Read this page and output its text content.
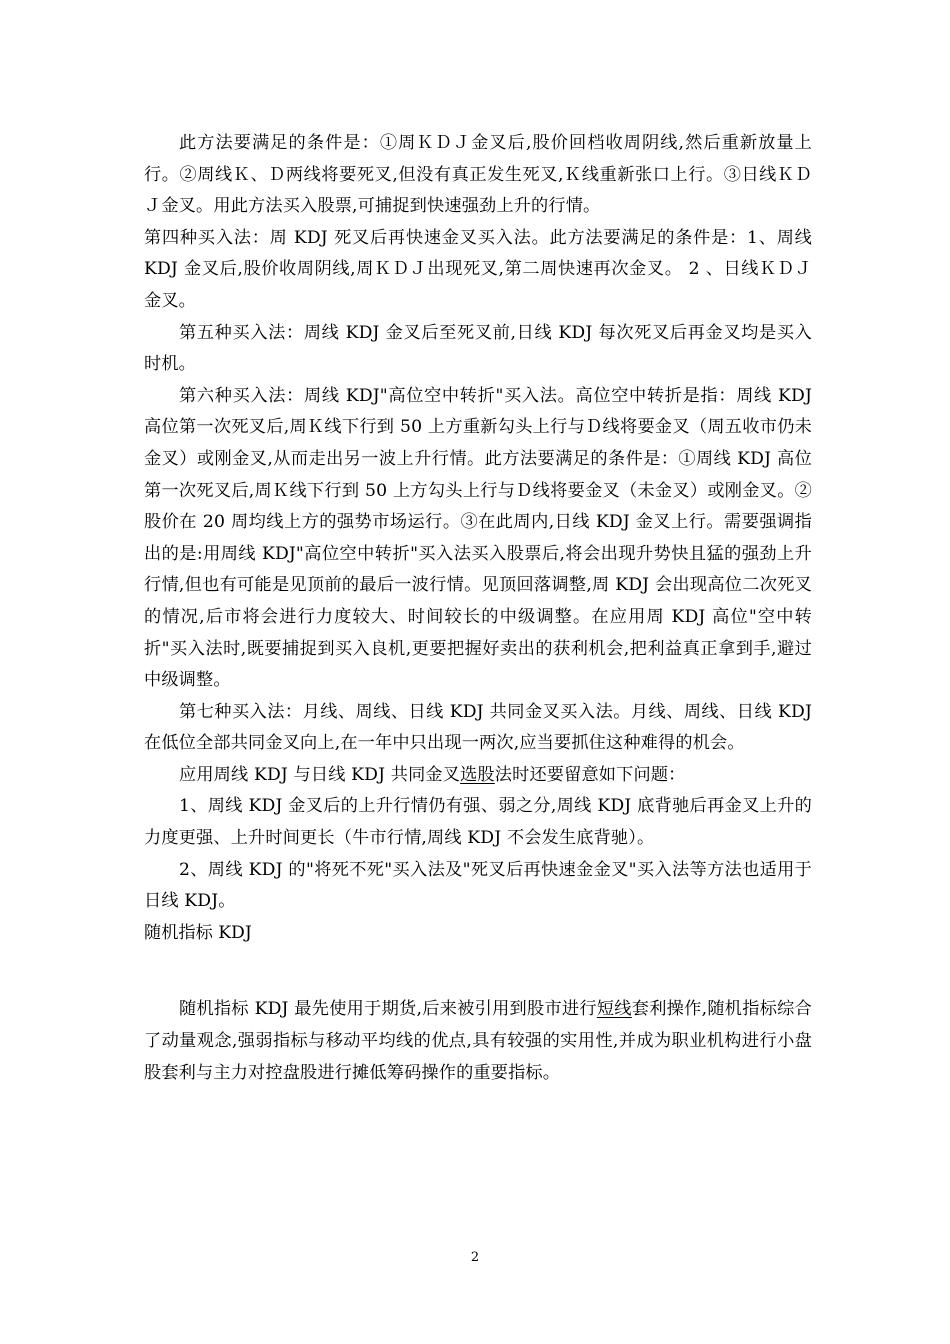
此方法要满足的条件是：①周ＫＤＪ金叉后,股价回档收周阴线,然后重新放量上行。②周线Ｋ、Ｄ两线将要死叉,但没有真正发生死叉,Ｋ线重新张口上行。③日线ＫＤＪ金叉。用此方法买入股票,可捕捉到快速强劲上升的行情。

第四种买入法：周 KDJ 死叉后再快速金叉买入法。此方法要满足的条件是：1、周线 KDJ 金叉后,股价收周阴线,周ＫＤＪ出现死叉,第二周快速再次金叉。 2 、日线ＫＤＪ金叉。

第五种买入法：周线 KDJ 金叉后至死叉前,日线 KDJ 每次死叉后再金叉均是买入时机。

第六种买入法：周线 KDJ"高位空中转折"买入法。高位空中转折是指：周线 KDJ 高位第一次死叉后,周Ｋ线下行到 50 上方重新勾头上行与Ｄ线将要金叉（周五收市仍未金叉）或刚金叉,从而走出另一波上升行情。此方法要满足的条件是：①周线 KDJ 高位第一次死叉后,周Ｋ线下行到 50 上方勾头上行与Ｄ线将要金叉（未金叉）或刚金叉。②股价在 20 周均线上方的强势市场运行。③在此周内,日线 KDJ 金叉上行。需要强调指出的是:用周线 KDJ"高位空中转折"买入法买入股票后,将会出现升势快且猛的强劲上升行情,但也有可能是见顶前的最后一波行情。见顶回落调整,周 KDJ 会出现高位二次死叉的情况,后市将会进行力度较大、时间较长的中级调整。在应用周 KDJ 高位"空中转折"买入法时,既要捕捉到买入良机,更要把握好卖出的获利机会,把利益真正拿到手,避过中级调整。

第七种买入法：月线、周线、日线 KDJ 共同金叉买入法。月线、周线、日线 KDJ 在低位全部共同金叉向上,在一年中只出现一两次,应当要抓住这种难得的机会。

应用周线 KDJ 与日线 KDJ 共同金叉选股法时还要留意如下问题：

1、周线 KDJ 金叉后的上升行情仍有强、弱之分,周线 KDJ 底背驰后再金叉上升的力度更强、上升时间更长（牛市行情,周线 KDJ 不会发生底背驰）。

2、周线 KDJ 的"将死不死"买入法及"死叉后再快速金金叉"买入法等方法也适用于日线 KDJ。

随机指标 KDJ

随机指标 KDJ 最先使用于期货,后来被引用到股市进行短线套利操作,随机指标综合了动量观念,强弱指标与移动平均线的优点,具有较强的实用性,并成为职业机构进行小盘股套利与主力对控盘股进行摊低筹码操作的重要指标。

2
